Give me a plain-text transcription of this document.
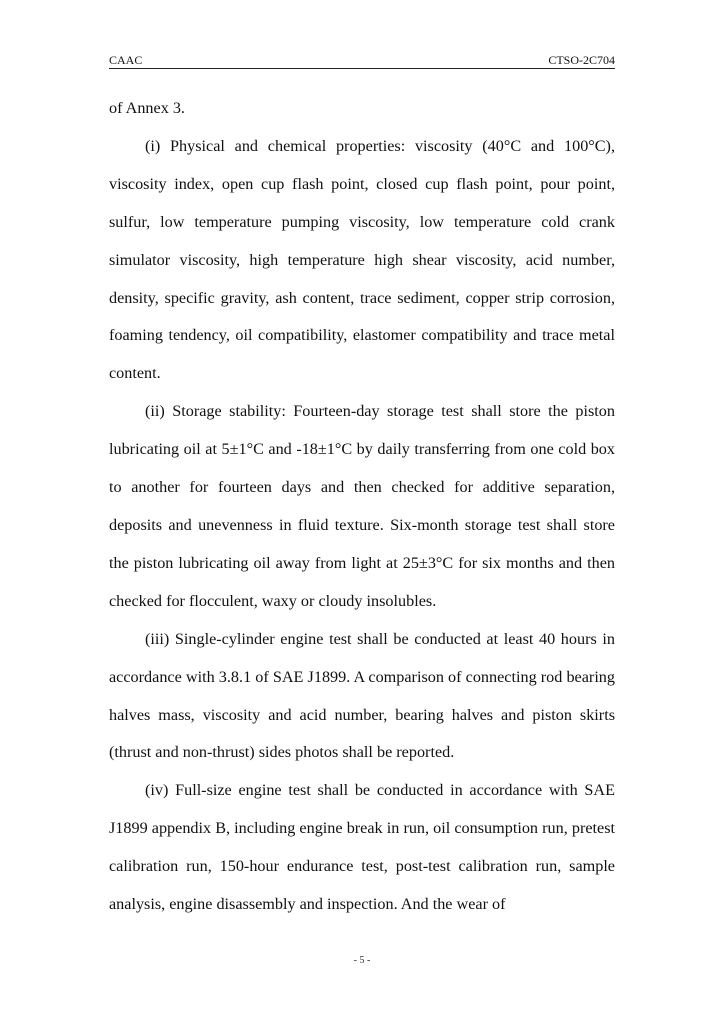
CAAC	CTSO-2C704

of Annex 3.

(i) Physical and chemical properties: viscosity (40°C and 100°C), viscosity index, open cup flash point, closed cup flash point, pour point, sulfur, low temperature pumping viscosity, low temperature cold crank simulator viscosity, high temperature high shear viscosity, acid number, density, specific gravity, ash content, trace sediment, copper strip corrosion, foaming tendency, oil compatibility, elastomer compatibility and trace metal content.

(ii) Storage stability: Fourteen-day storage test shall store the piston lubricating oil at 5±1°C and -18±1°C by daily transferring from one cold box to another for fourteen days and then checked for additive separation, deposits and unevenness in fluid texture. Six-month storage test shall store the piston lubricating oil away from light at 25±3°C for six months and then checked for flocculent, waxy or cloudy insolubles.

(iii) Single-cylinder engine test shall be conducted at least 40 hours in accordance with 3.8.1 of SAE J1899. A comparison of connecting rod bearing halves mass, viscosity and acid number, bearing halves and piston skirts (thrust and non-thrust) sides photos shall be reported.

(iv) Full-size engine test shall be conducted in accordance with SAE J1899 appendix B, including engine break in run, oil consumption run, pretest calibration run, 150-hour endurance test, post-test calibration run, sample analysis, engine disassembly and inspection. And the wear of

- 5 -
